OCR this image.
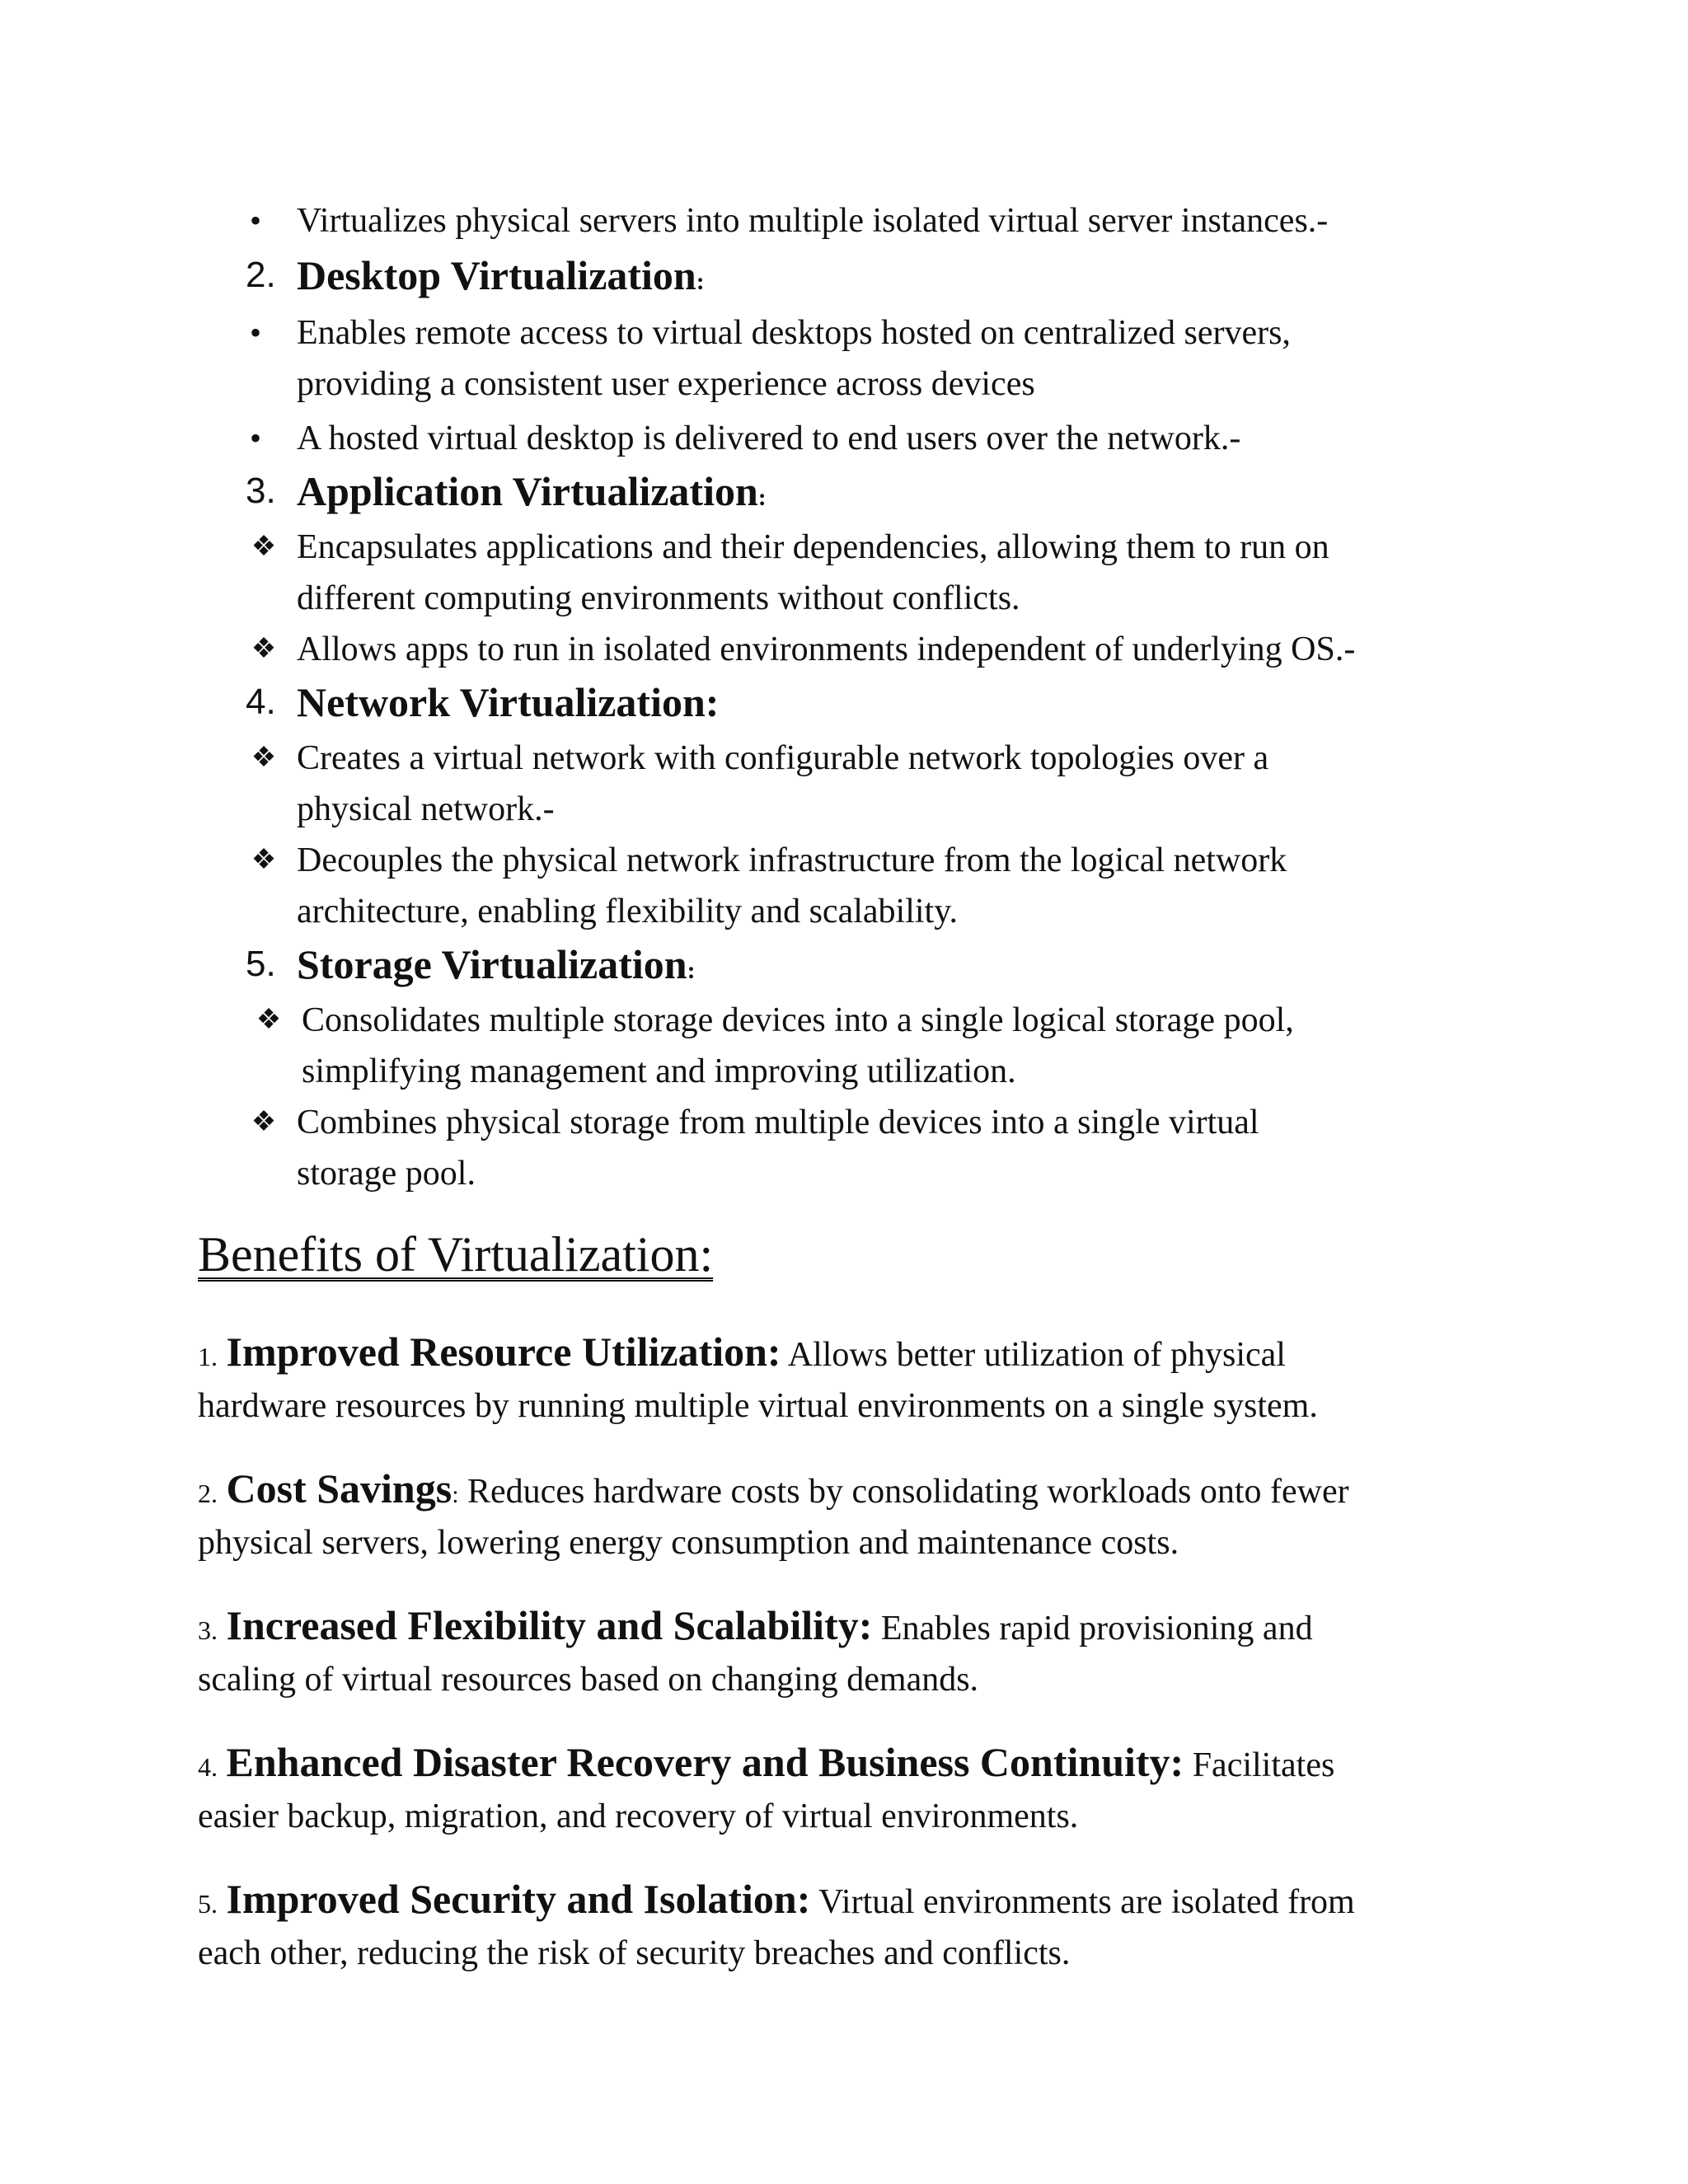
•	Virtualizes physical servers into multiple isolated virtual server instances.-
2. Desktop Virtualization:
•	Enables remote access to virtual desktops hosted on centralized servers,
providing a consistent user experience across devices
•	A hosted virtual desktop is delivered to end users over the network.-
3. Application Virtualization:
❖ Encapsulates applications and their dependencies, allowing them to run on
different computing environments without conflicts.
❖ Allows apps to run in isolated environments independent of underlying OS.-
4. Network Virtualization:
❖ Creates a virtual network with configurable network topologies over a
physical network.-
❖ Decouples the physical network infrastructure from the logical network
architecture, enabling flexibility and scalability.
5. Storage Virtualization:
❖ Consolidates multiple storage devices into a single logical storage pool,
simplifying management and improving utilization.
❖ Combines physical storage from multiple devices into a single virtual
storage pool.
Benefits of Virtualization:
1. Improved Resource Utilization: Allows better utilization of physical
hardware resources by running multiple virtual environments on a single system.
2. Cost Savings: Reduces hardware costs by consolidating workloads onto fewer
physical servers, lowering energy consumption and maintenance costs.
3. Increased Flexibility and Scalability: Enables rapid provisioning and
scaling of virtual resources based on changing demands.
4. Enhanced Disaster Recovery and Business Continuity: Facilitates
easier backup, migration, and recovery of virtual environments.
5. Improved Security and Isolation: Virtual environments are isolated from
each other, reducing the risk of security breaches and conflicts.
